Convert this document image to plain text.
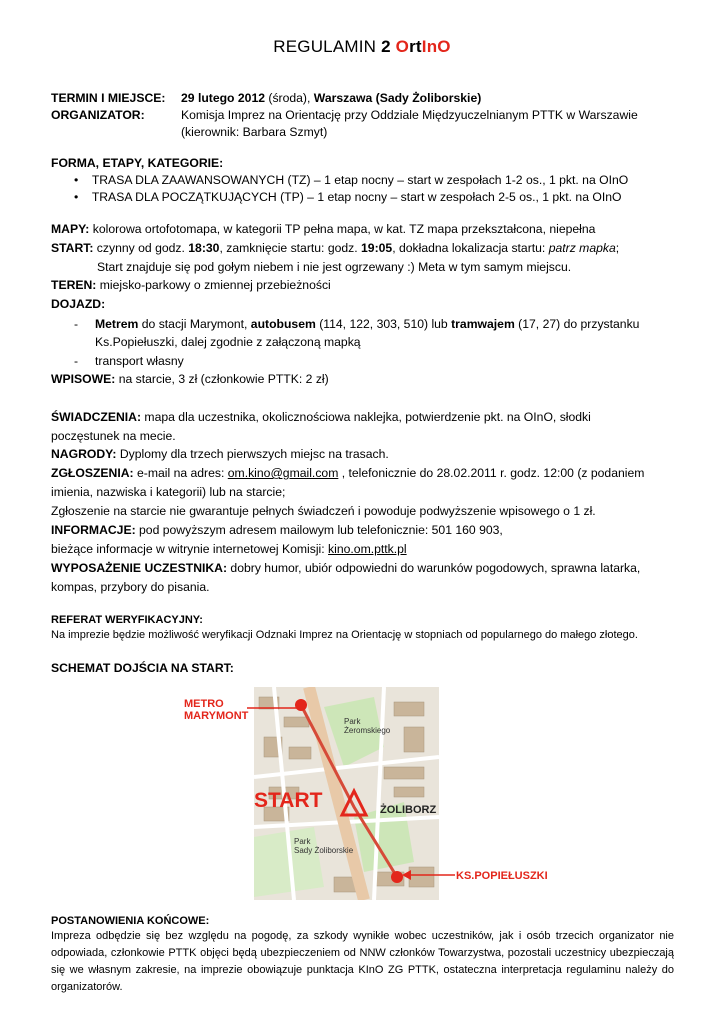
REGULAMIN 2 OrtInO
TERMIN I MIEJSCE: 29 lutego 2012 (środa), Warszawa (Sady Żoliborskie)
ORGANIZATOR:	Komisja Imprez na Orientację przy Oddziale Międzyuczelnianym PTTK w Warszawie
(kierownik: Barbara Szmyt)
FORMA, ETAPY, KATEGORIE:
•    TRASA DLA ZAAWANSOWANYCH (TZ) – 1 etap nocny – start w zespołach 1-2 os., 1 pkt. na OInO
•    TRASA DLA POCZĄTKUJĄCYCH (TP) – 1 etap nocny – start w zespołach 2-5 os., 1 pkt. na OInO
MAPY: kolorowa ortofotomapa, w kategorii TP pełna mapa, w kat. TZ mapa przekształcona, niepełna
START: czynny od godz. 18:30, zamknięcie startu: godz. 19:05, dokładna lokalizacja startu: patrz mapka;
Start znajduje się pod gołym niebem i nie jest ogrzewany :) Meta w tym samym miejscu.
TEREN: miejsko-parkowy o zmiennej przebieżności
DOJAZD:
-     Metrem do stacji Marymont, autobusem (114, 122, 303, 510) lub tramwajem (17, 27) do przystanku
Ks.Popiełuszki, dalej zgodnie z załączoną mapką
-     transport własny
WPISOWE: na starcie, 3 zł (członkowie PTTK: 2 zł)
ŚWIADCZENIA: mapa dla uczestnika, okolicznościowa naklejka, potwierdzenie pkt. na OInO, słodki
poczęstunek na mecie.
NAGRODY: Dyplomy dla trzech pierwszych miejsc na trasach.
ZGŁOSZENIA: e-mail na adres: om.kino@gmail.com , telefonicznie do 28.02.2011 r. godz. 12:00 (z podaniem
imienia, nazwiska i kategorii) lub na starcie;
Zgłoszenie na starcie nie gwarantuje pełnych świadczeń i powoduje podwyższenie wpisowego o 1 zł.
INFORMACJE: pod powyższym adresem mailowym lub telefonicznie: 501 160 903,
bieżące informacje w witrynie internetowej Komisji: kino.om.pttk.pl
WYPOSAŻENIE UCZESTNIKA: dobry humor, ubiór odpowiedni do warunków pogodowych, sprawna latarka,
kompas, przybory do pisania.
REFERAT WERYFIKACYJNY:
Na imprezie będzie możliwość weryfikacji Odznaki Imprez na Orientację w stopniach od popularnego do małego złotego.
SCHEMAT DOJŚCIA NA START:
START	ŻOLIBORZ
Park
Żeromskiego
Park
Sady Żoliborskie
METRO
MARYMONT
KS.POPIEŁUSZKI
POSTANOWIENIA KOŃCOWE:
Impreza odbędzie się bez względu na pogodę, za szkody wynikłe wobec uczestników, jak i osób trzecich organizator nie odpowiada, członkowie PTTK objęci będą ubezpieczeniem od NNW członków Towarzystwa, pozostali uczestnicy ubezpieczają się we własnym zakresie, na imprezie obowiązuje punktacja KInO ZG PTTK, ostateczna interpretacja regulaminu należy do organizatorów.
